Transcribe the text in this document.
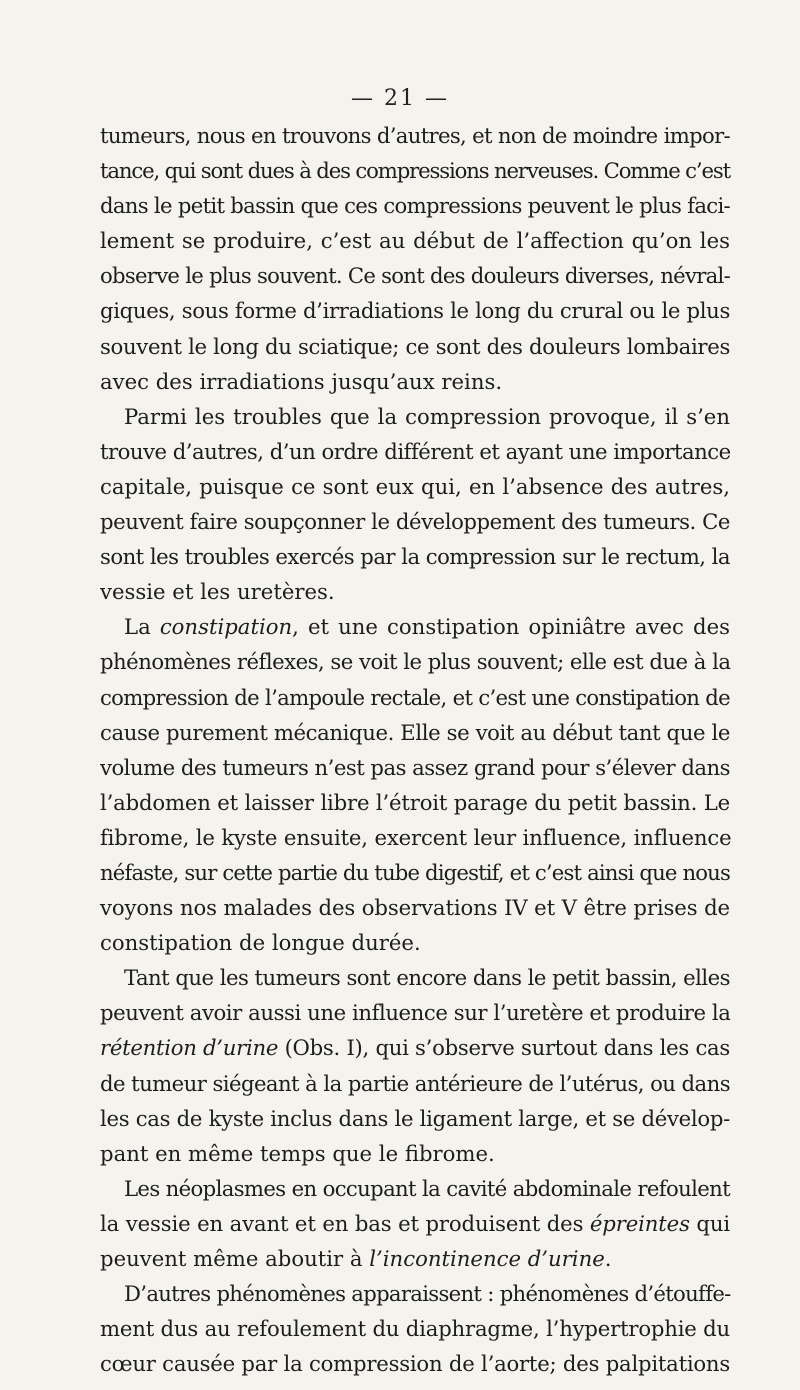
— 21 —
tumeurs, nous en trouvons d’autres, et non de moindre impor-
tance, qui sont dues à des compressions nerveuses. Comme c’est
dans le petit bassin que ces compressions peuvent le plus faci-
lement se produire, c’est au début de l’affection qu’on les
observe le plus souvent. Ce sont des douleurs diverses, névral-
giques, sous forme d’irradiations le long du crural ou le plus
souvent le long du sciatique; ce sont des douleurs lombaires
avec des irradiations jusqu’aux reins.
Parmi les troubles que la compression provoque, il s’en
trouve d’autres, d’un ordre différent et ayant une importance
capitale, puisque ce sont eux qui, en l’absence des autres,
peuvent faire soupçonner le développement des tumeurs. Ce
sont les troubles exercés par la compression sur le rectum, la
vessie et les uretères.
La constipation, et une constipation opiniâtre avec des
phénomènes réflexes, se voit le plus souvent; elle est due à la
compression de l’ampoule rectale, et c’est une constipation de
cause purement mécanique. Elle se voit au début tant que le
volume des tumeurs n’est pas assez grand pour s’élever dans
l’abdomen et laisser libre l’étroit parage du petit bassin. Le
fibrome, le kyste ensuite, exercent leur influence, influence
néfaste, sur cette partie du tube digestif, et c’est ainsi que nous
voyons nos malades des observations IV et V être prises de
constipation de longue durée.
Tant que les tumeurs sont encore dans le petit bassin, elles
peuvent avoir aussi une influence sur l’uretère et produire la
rétention d’urine (Obs. I), qui s’observe surtout dans les cas
de tumeur siégeant à la partie antérieure de l’utérus, ou dans
les cas de kyste inclus dans le ligament large, et se dévelop-
pant en même temps que le fibrome.
Les néoplasmes en occupant la cavité abdominale refoulent
la vessie en avant et en bas et produisent des épreintes qui
peuvent même aboutir à l’incontinence d’urine.
D’autres phénomènes apparaissent : phénomènes d’étouffe-
ment dus au refoulement du diaphragme, l’hypertrophie du
cœur causée par la compression de l’aorte; des palpitations
